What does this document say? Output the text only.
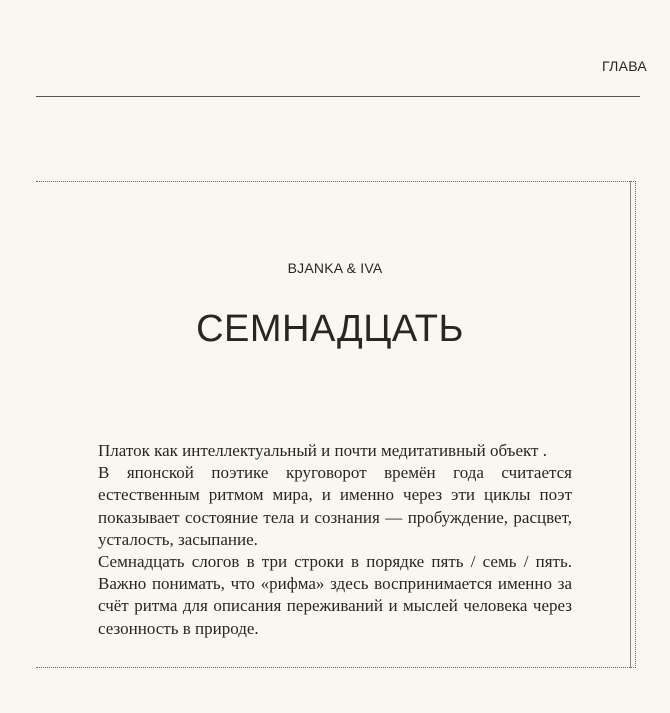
ГЛАВА
BJANKA & IVA
СЕМНАДЦАТЬ

Платок как интеллектуальный и почти медитативный объект .

В японской поэтике круговорот времён года считается естественным ритмом мира, и именно через эти циклы поэт показывает состояние тела и сознания — пробуждение, расцвет, усталость, засыпание.

Семнадцать слогов в три строки в порядке пять / семь / пять. Важно понимать, что «рифма» здесь воспринимается именно за счёт ритма для описания переживаний и мыслей человека через сезонность в природе.
